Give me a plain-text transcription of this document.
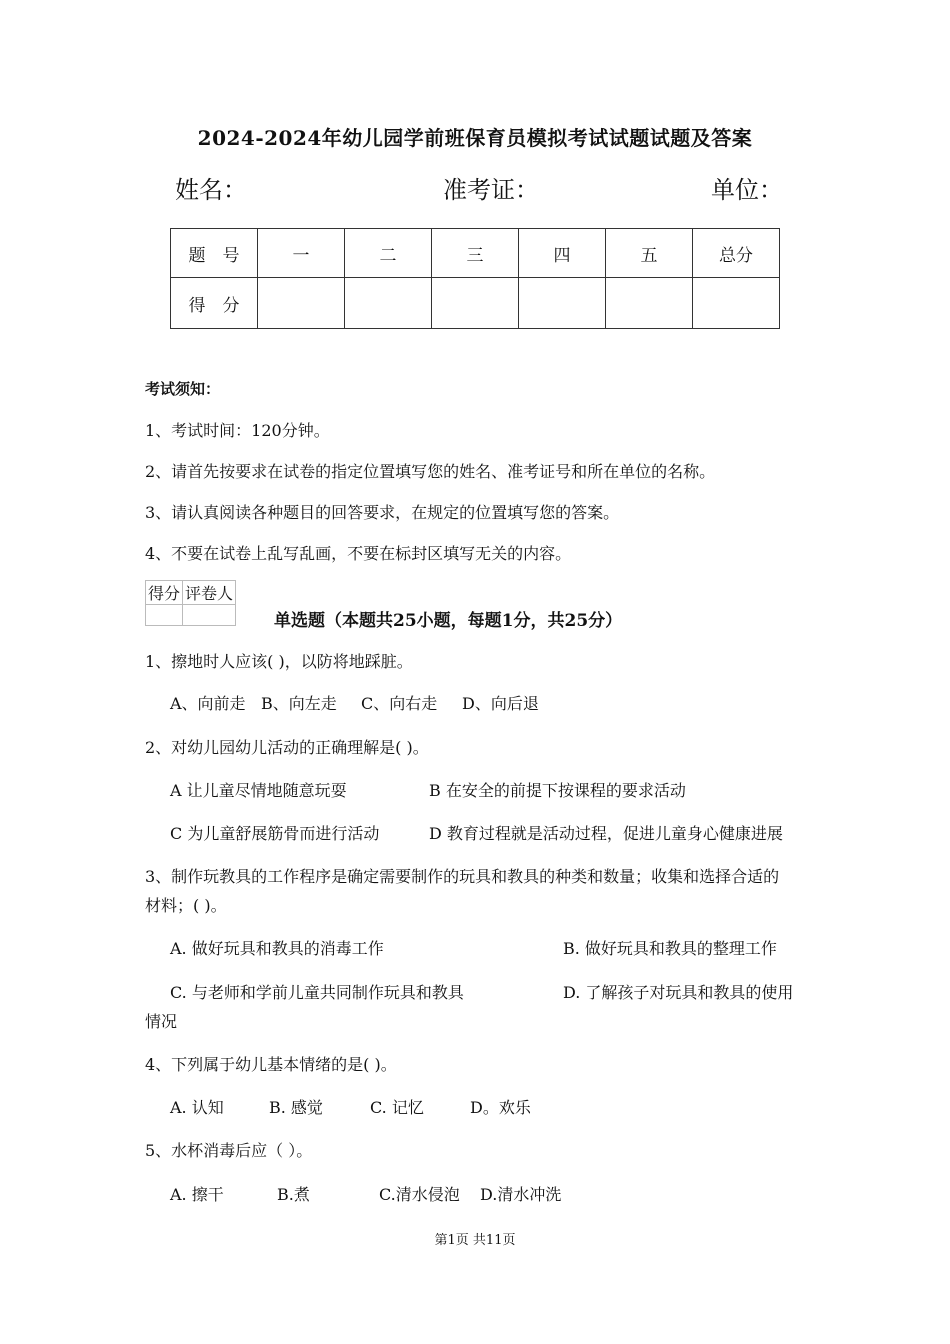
2024-2024年幼儿园学前班保育员模拟考试试题试题及答案
姓名：	准考证：	单位：
题　号	一	二	三	四	五	总分
得　分						
考试须知：
1、考试时间：120分钟。
2、请首先按要求在试卷的指定位置填写您的姓名、准考证号和所在单位的名称。
3、请认真阅读各种题目的回答要求，在规定的位置填写您的答案。
4、不要在试卷上乱写乱画，不要在标封区填写无关的内容。
得分	评卷人

单选题（本题共25小题，每题1分，共25分）
1、擦地时人应该( )，以防将地踩脏。
A、向前走 B、向左走 C、向右走 D、向后退
2、对幼儿园幼儿活动的正确理解是( )。
A 让儿童尽情地随意玩耍	B 在安全的前提下按课程的要求活动
C 为儿童舒展筋骨而进行活动	D 教育过程就是活动过程，促进儿童身心健康进展
3、制作玩教具的工作程序是确定需要制作的玩具和教具的种类和数量；收集和选择合适的
材料；( )。
A. 做好玩具和教具的消毒工作	B. 做好玩具和教具的整理工作
C. 与老师和学前儿童共同制作玩具和教具	D. 了解孩子对玩具和教具的使用
情况
4、下列属于幼儿基本情绪的是( )。
A. 认知	B. 感觉	C. 记忆	D。欢乐
5、水杯消毒后应（ ）。
A. 擦干	B.煮	C.清水侵泡 D.清水冲洗
第1页 共11页
